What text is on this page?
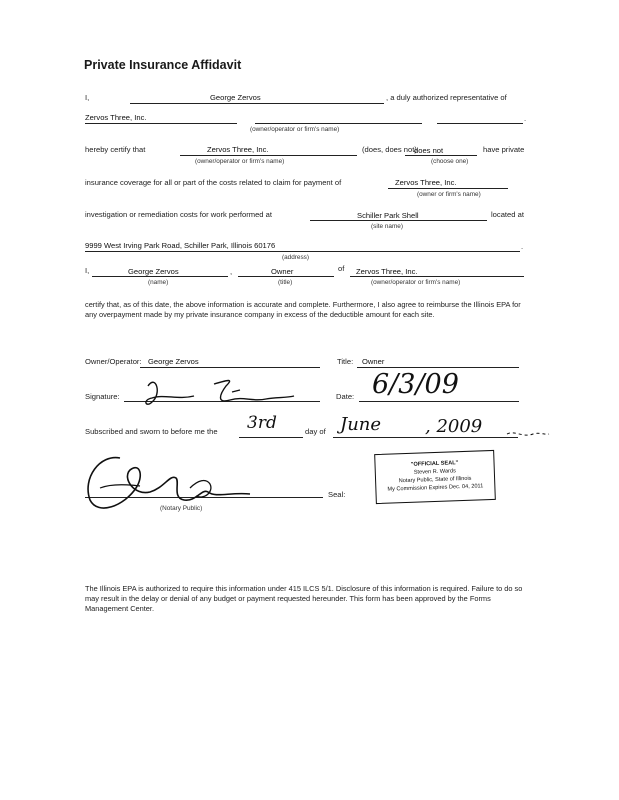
Private Insurance Affidavit
I,	George Zervos	, a duly authorized representative of
Zervos Three, Inc.	.
(owner/operator or firm's name)
hereby certify that	Zervos Three, Inc.
(owner/operator or firm's name)
(does, does not)
does not
(choose one)
have private
insurance coverage for all or part of the costs related to claim for payment of	Zervos Three, Inc.
(owner or firm's name)
investigation or remediation costs for work performed at	Schiller Park Shell
(site name)
located at
9999 West Irving Park Road, Schiller Park, Illinois 60176	.
(address)
I,	George Zervos
(name)
,	Owner
(title)
of Zervos Three, Inc.
(owner/operator or firm's name)
certify that, as of this date, the above information is accurate and complete. Furthermore, I also agree to reimburse the Illinois EPA for any overpayment made by my private insurance company in excess of the deductible amount for each site.
Owner/Operator: George Zervos	Title: Owner
Signature:	Date: 6/3/09
Subscribed and sworn to before me the 3rd	day of June , 2009
(Notary Public)
Seal:
"OFFICIAL SEAL"
Steven R. Wards
Notary Public, State of Illinois
My Commission Expires Dec. 04, 2011
The Illinois EPA is authorized to require this information under 415 ILCS 5/1. Disclosure of this information is required. Failure to do so may result in the delay or denial of any budget or payment requested hereunder. This form has been approved by the Forms Management Center.
